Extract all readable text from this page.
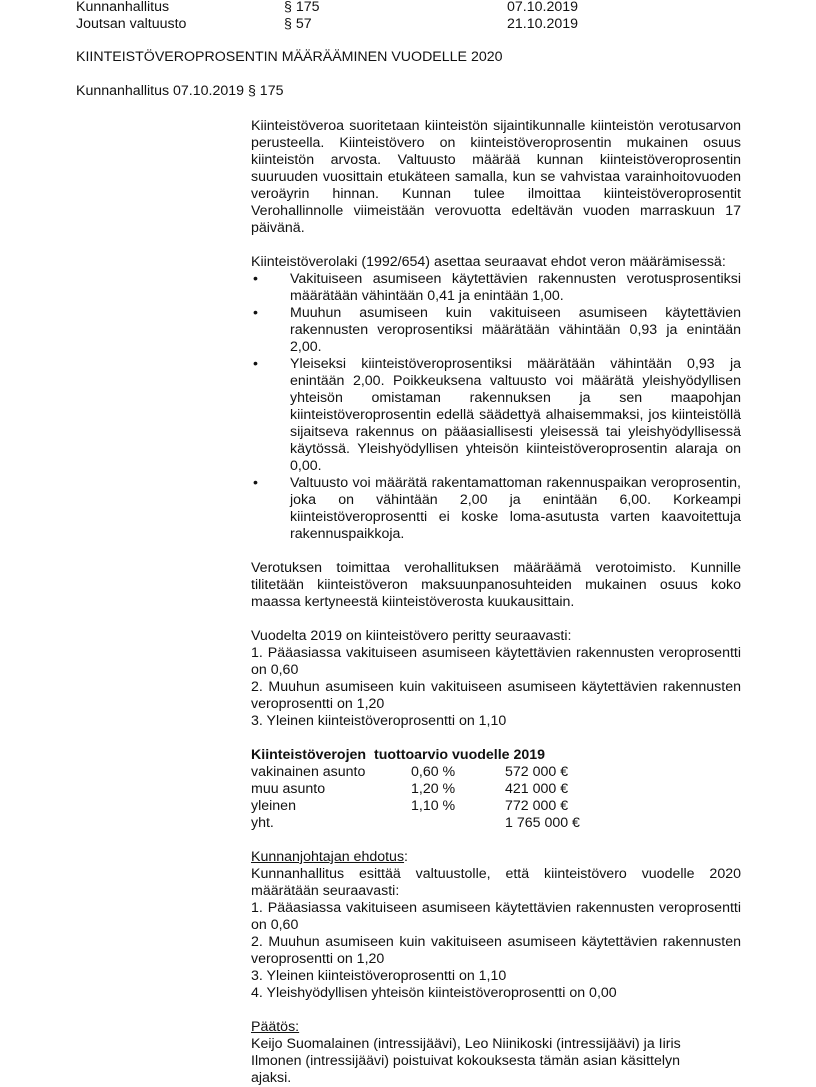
Kunnanhallitus	§ 175	07.10.2019
Joutsan valtuusto	§ 57	21.10.2019
KIINTEISTÖVEROPROSENTIN MÄÄRÄÄMINEN VUODELLE 2020
Kunnanhallitus 07.10.2019 § 175

Kiinteistöveroa suoritetaan kiinteistön sijaintikunnalle kiinteistön verotusarvon perusteella. Kiinteistövero on kiinteistöveroprosentin mukainen osuus kiinteistön arvosta. Valtuusto määrää kunnan kiinteistöveroprosentin suuruuden vuosittain etukäteen samalla, kun se vahvistaa varainhoitovuoden veroäyrin hinnan. Kunnan tulee ilmoittaa kiinteistöveroprosentit Verohallinnolle viimeistään verovuotta edeltävän vuoden marraskuun 17 päivänä.

Kiinteistöverolaki (1992/654) asettaa seuraavat ehdot veron määrämisessä:

• Vakituiseen asumiseen käytettävien rakennusten verotusprosentiksi määrätään vähintään 0,41 ja enintään 1,00.
• Muuhun asumiseen kuin vakituiseen asumiseen käytettävien rakennusten veroprosentiksi määrätään vähintään 0,93 ja enintään 2,00.
• Yleiseksi kiinteistöveroprosentiksi määrätään vähintään 0,93 ja enintään 2,00. Poikkeuksena valtuusto voi määrätä yleishyödyllisen yhteisön omistaman rakennuksen ja sen maapohjan kiinteistöveroprosentin edellä säädettyä alhaisemmaksi, jos kiinteistöllä sijaitseva rakennus on pääasiallisesti yleisessä tai yleishyödyllisessä käytössä. Yleishyödyllisen yhteisön kiinteistöveroprosentin alaraja on 0,00.
• Valtuusto voi määrätä rakentamattoman rakennuspaikan veroprosentin, joka on vähintään 2,00 ja enintään 6,00. Korkeampi kiinteistöveroprosentti ei koske loma-asutusta varten kaavoitettuja rakennuspaikkoja.

Verotuksen toimittaa verohallituksen määräämä verotoimisto. Kunnille tilitetään kiinteistöveron maksuunpanosuhteiden mukainen osuus koko maassa kertyneestä kiinteistöverosta kuukausittain.

Vuodelta 2019 on kiinteistövero peritty seuraavasti:

1. Pääasiassa vakituiseen asumiseen käytettävien rakennusten veroprosentti on 0,60

2. Muuhun asumiseen kuin vakituiseen asumiseen käytettävien rakennusten veroprosentti on 1,20

3. Yleinen kiinteistöveroprosentti on 1,10

Kiinteistöverojen  tuottoarvio vuodelle 2019

vakinainen asunto	0,60 %	572 000 €
muu asunto	1,20 %	421 000 €
yleinen	1,10 %	772 000 €
yht.		1 765 000 €

Kunnanjohtajan ehdotus:

Kunnanhallitus esittää valtuustolle, että kiinteistövero vuodelle 2020 määrätään seuraavasti:

1. Pääasiassa vakituiseen asumiseen käytettävien rakennusten veroprosentti on 0,60

2. Muuhun asumiseen kuin vakituiseen asumiseen käytettävien rakennusten veroprosentti on 1,20

3. Yleinen kiinteistöveroprosentti on 1,10

4. Yleishyödyllisen yhteisön kiinteistöveroprosentti on 0,00

Päätös:

Keijo Suomalainen (intressijäävi), Leo Niinikoski (intressijäävi) ja Iiris Ilmonen (intressijäävi) poistuivat kokouksesta tämän asian käsittelyn ajaksi.
